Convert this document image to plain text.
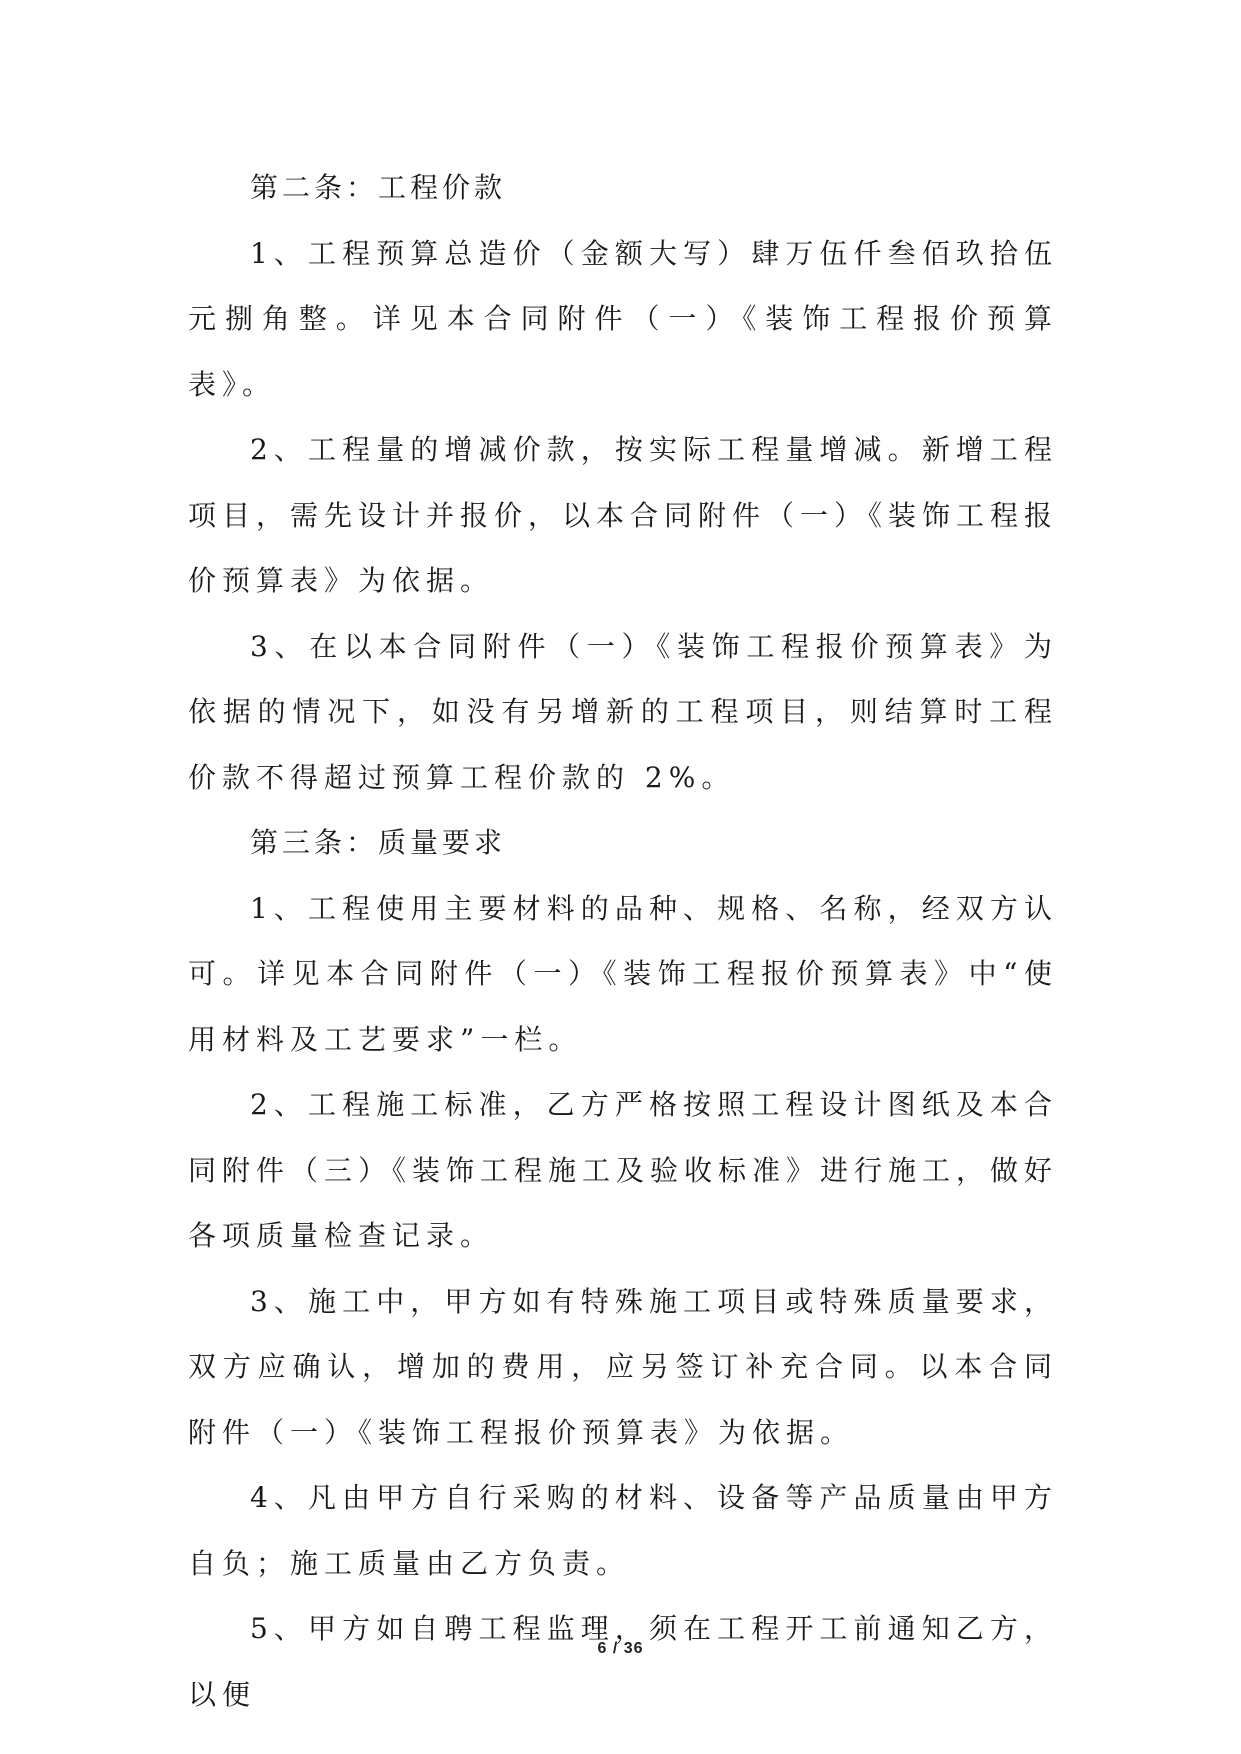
第二条：工程价款

1、工程预算总造价（金额大写）肆万伍仟叁佰玖拾伍元捌角整。详见本合同附件（一）《装饰工程报价预算表》。

2、工程量的增减价款，按实际工程量增减。新增工程项目，需先设计并报价，以本合同附件（一）《装饰工程报价预算表》为依据。

3、在以本合同附件（一）《装饰工程报价预算表》为依据的情况下，如没有另增新的工程项目，则结算时工程价款不得超过预算工程价款的 2%。

第三条：质量要求

1、工程使用主要材料的品种、规格、名称，经双方认可。详见本合同附件（一）《装饰工程报价预算表》中“使用材料及工艺要求”一栏。

2、工程施工标准，乙方严格按照工程设计图纸及本合同附件（三）《装饰工程施工及验收标准》进行施工，做好各项质量检查记录。

3、施工中，甲方如有特殊施工项目或特殊质量要求，双方应确认，增加的费用，应另签订补充合同。以本合同附件（一）《装饰工程报价预算表》为依据。

4、凡由甲方自行采购的材料、设备等产品质量由甲方自负；施工质量由乙方负责。

5、甲方如自聘工程监理，须在工程开工前通知乙方，以便

6 / 36
